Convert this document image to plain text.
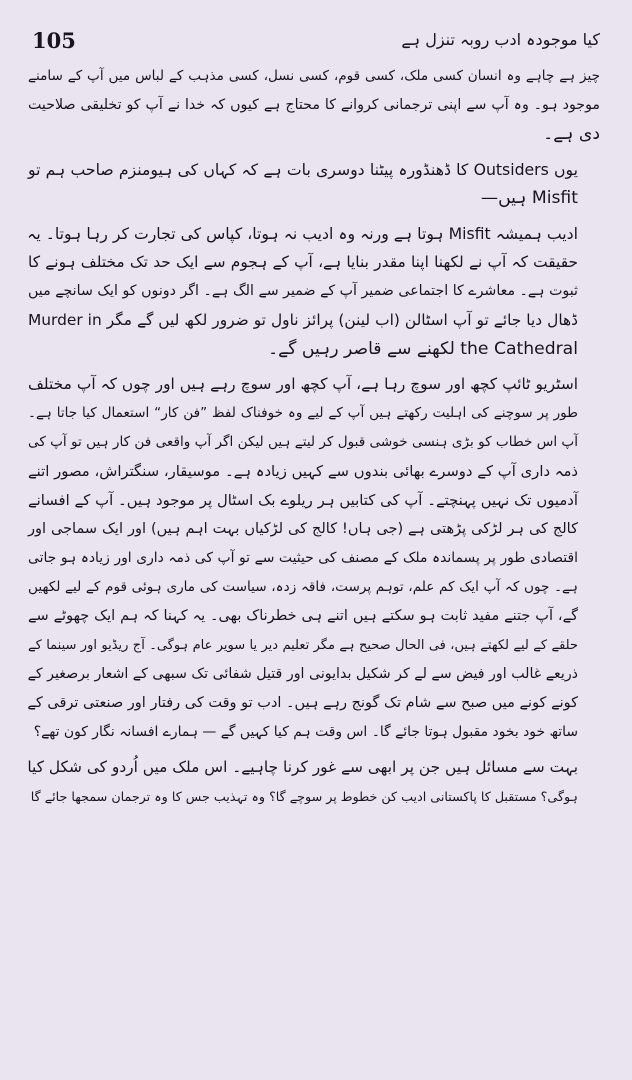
105	کیا موجودہ ادب روبہ تنزل ہے
چیز ہے چاہے وہ انسان کسی ملک، کسی قوم، کسی نسل، کسی مذہب کے لباس میں آپ کے سامنے
موجود ہو۔ وہ آپ سے اپنی ترجمانی کروانے کا محتاج ہے کیوں کہ خدا نے آپ کو تخلیقی صلاحیت
دی ہے۔
یوں Outsiders کا ڈھنڈورہ پیٹنا دوسری بات ہے کہ کہاں کی ہیومنزم صاحب ہم تو
Misfit ہیں—
ادیب ہمیشہ Misfit ہوتا ہے ورنہ وہ ادیب نہ ہوتا، کپاس کی تجارت کر رہا ہوتا۔ یہ
حقیقت کہ آپ نے لکھنا اپنا مقدر بنایا ہے، آپ کے ہجوم سے ایک حد تک مختلف ہونے کا
ثبوت ہے۔ معاشرے کا اجتماعی ضمیر آپ کے ضمیر سے الگ ہے۔ اگر دونوں کو ایک سانچے میں
ڈھال دیا جائے تو آپ اسٹالن (اب لینن) پرائز ناول تو ضرور لکھ لیں گے مگر Murder in
the Cathedral لکھنے سے قاصر رہیں گے۔
اسٹریو ٹائپ کچھ اور سوچ رہا ہے، آپ کچھ اور سوچ رہے ہیں اور چوں کہ آپ مختلف
طور پر سوچنے کی اہلیت رکھتے ہیں آپ کے لیے وہ خوفناک لفظ ”فن کار“ استعمال کیا جاتا ہے۔
آپ اس خطاب کو بڑی ہنسی خوشی قبول کر لیتے ہیں لیکن اگر آپ واقعی فن کار ہیں تو آپ کی
ذمہ داری آپ کے دوسرے بھائی بندوں سے کہیں زیادہ ہے۔ موسیقار، سنگتراش، مصور اتنے
آدمیوں تک نہیں پہنچتے۔ آپ کی کتابیں ہر ریلوے بک اسٹال پر موجود ہیں۔ آپ کے افسانے
کالج کی ہر لڑکی پڑھتی ہے (جی ہاں! کالج کی لڑکیاں بہت اہم ہیں) اور ایک سماجی اور
اقتصادی طور پر پسماندہ ملک کے مصنف کی حیثیت سے تو آپ کی ذمہ داری اور زیادہ ہو جاتی
ہے۔ چوں کہ آپ ایک کم علم، توہم پرست، فاقہ زدہ، سیاست کی ماری ہوئی قوم کے لیے لکھیں
گے، آپ جتنے مفید ثابت ہو سکتے ہیں اتنے ہی خطرناک بھی۔ یہ کہنا کہ ہم ایک چھوٹے سے
حلقے کے لیے لکھتے ہیں، فی الحال صحیح ہے مگر تعلیم دیر یا سویر عام ہوگی۔ آج ریڈیو اور سینما کے
ذریعے غالب اور فیض سے لے کر شکیل بدایونی اور قتیل شفائی تک سبھی کے اشعار برصغیر کے
کونے کونے میں صبح سے شام تک گونج رہے ہیں۔ ادب تو وقت کی رفتار اور صنعتی ترقی کے
ساتھ خود بخود مقبول ہوتا جائے گا۔ اس وقت ہم کیا کہیں گے — ہمارے افسانہ نگار کون تھے؟
بہت سے مسائل ہیں جن پر ابھی سے غور کرنا چاہیے۔ اس ملک میں اُردو کی شکل کیا
ہوگی؟ مستقبل کا پاکستانی ادیب کن خطوط پر سوچے گا؟ وہ تہذیب جس کا وہ ترجمان سمجھا جائے گا
